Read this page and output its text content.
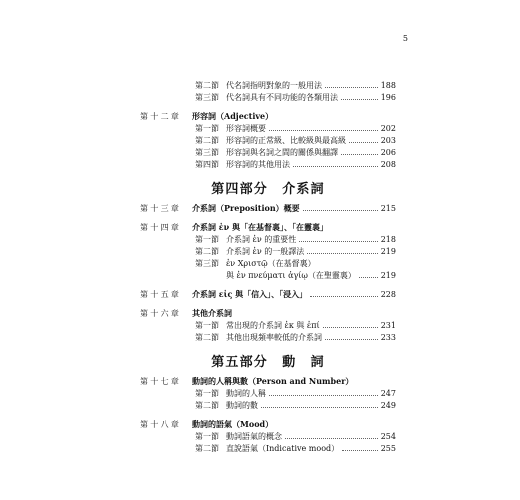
5
第二節 代名詞指明對象的一般用法	188
第三節 代名詞具有不同功能的各類用法	196
第十二章	形容詞（Adjective）
第一節 形容詞概要	202
第二節 形容詞的正常級、比較級與最高級	203
第三節 形容詞與名詞之間的關係與翻譯	206
第四節 形容詞的其他用法	208
第四部分　介系詞
第十三章	介系詞（Preposition）概要	215
第十四章	介系詞 ἐν 與「在基督裏」、「在靈裏」
第一節 介系詞 ἐν 的重要性	218
第二節 介系詞 ἐν 的一般譯法	219
第三節 ἐν Χριστῷ（在基督裏）
與 ἐν πνεύματι ἁγίῳ（在聖靈裏）	219
第十五章	介系詞 εἰς 與「信入」、「浸入」	228
第十六章	其他介系詞
第一節 常出現的介系詞 ἐκ 與 ἐπί	231
第二節 其他出現頻率較低的介系詞	233
第五部分　動　詞
第十七章	動詞的人稱與數（Person and Number）
第一節 動詞的人稱	247
第二節 動詞的數	249
第十八章	動詞的語氣（Mood）
第一節 動詞語氣的概念	254
第二節 直說語氣（Indicative mood）	255
